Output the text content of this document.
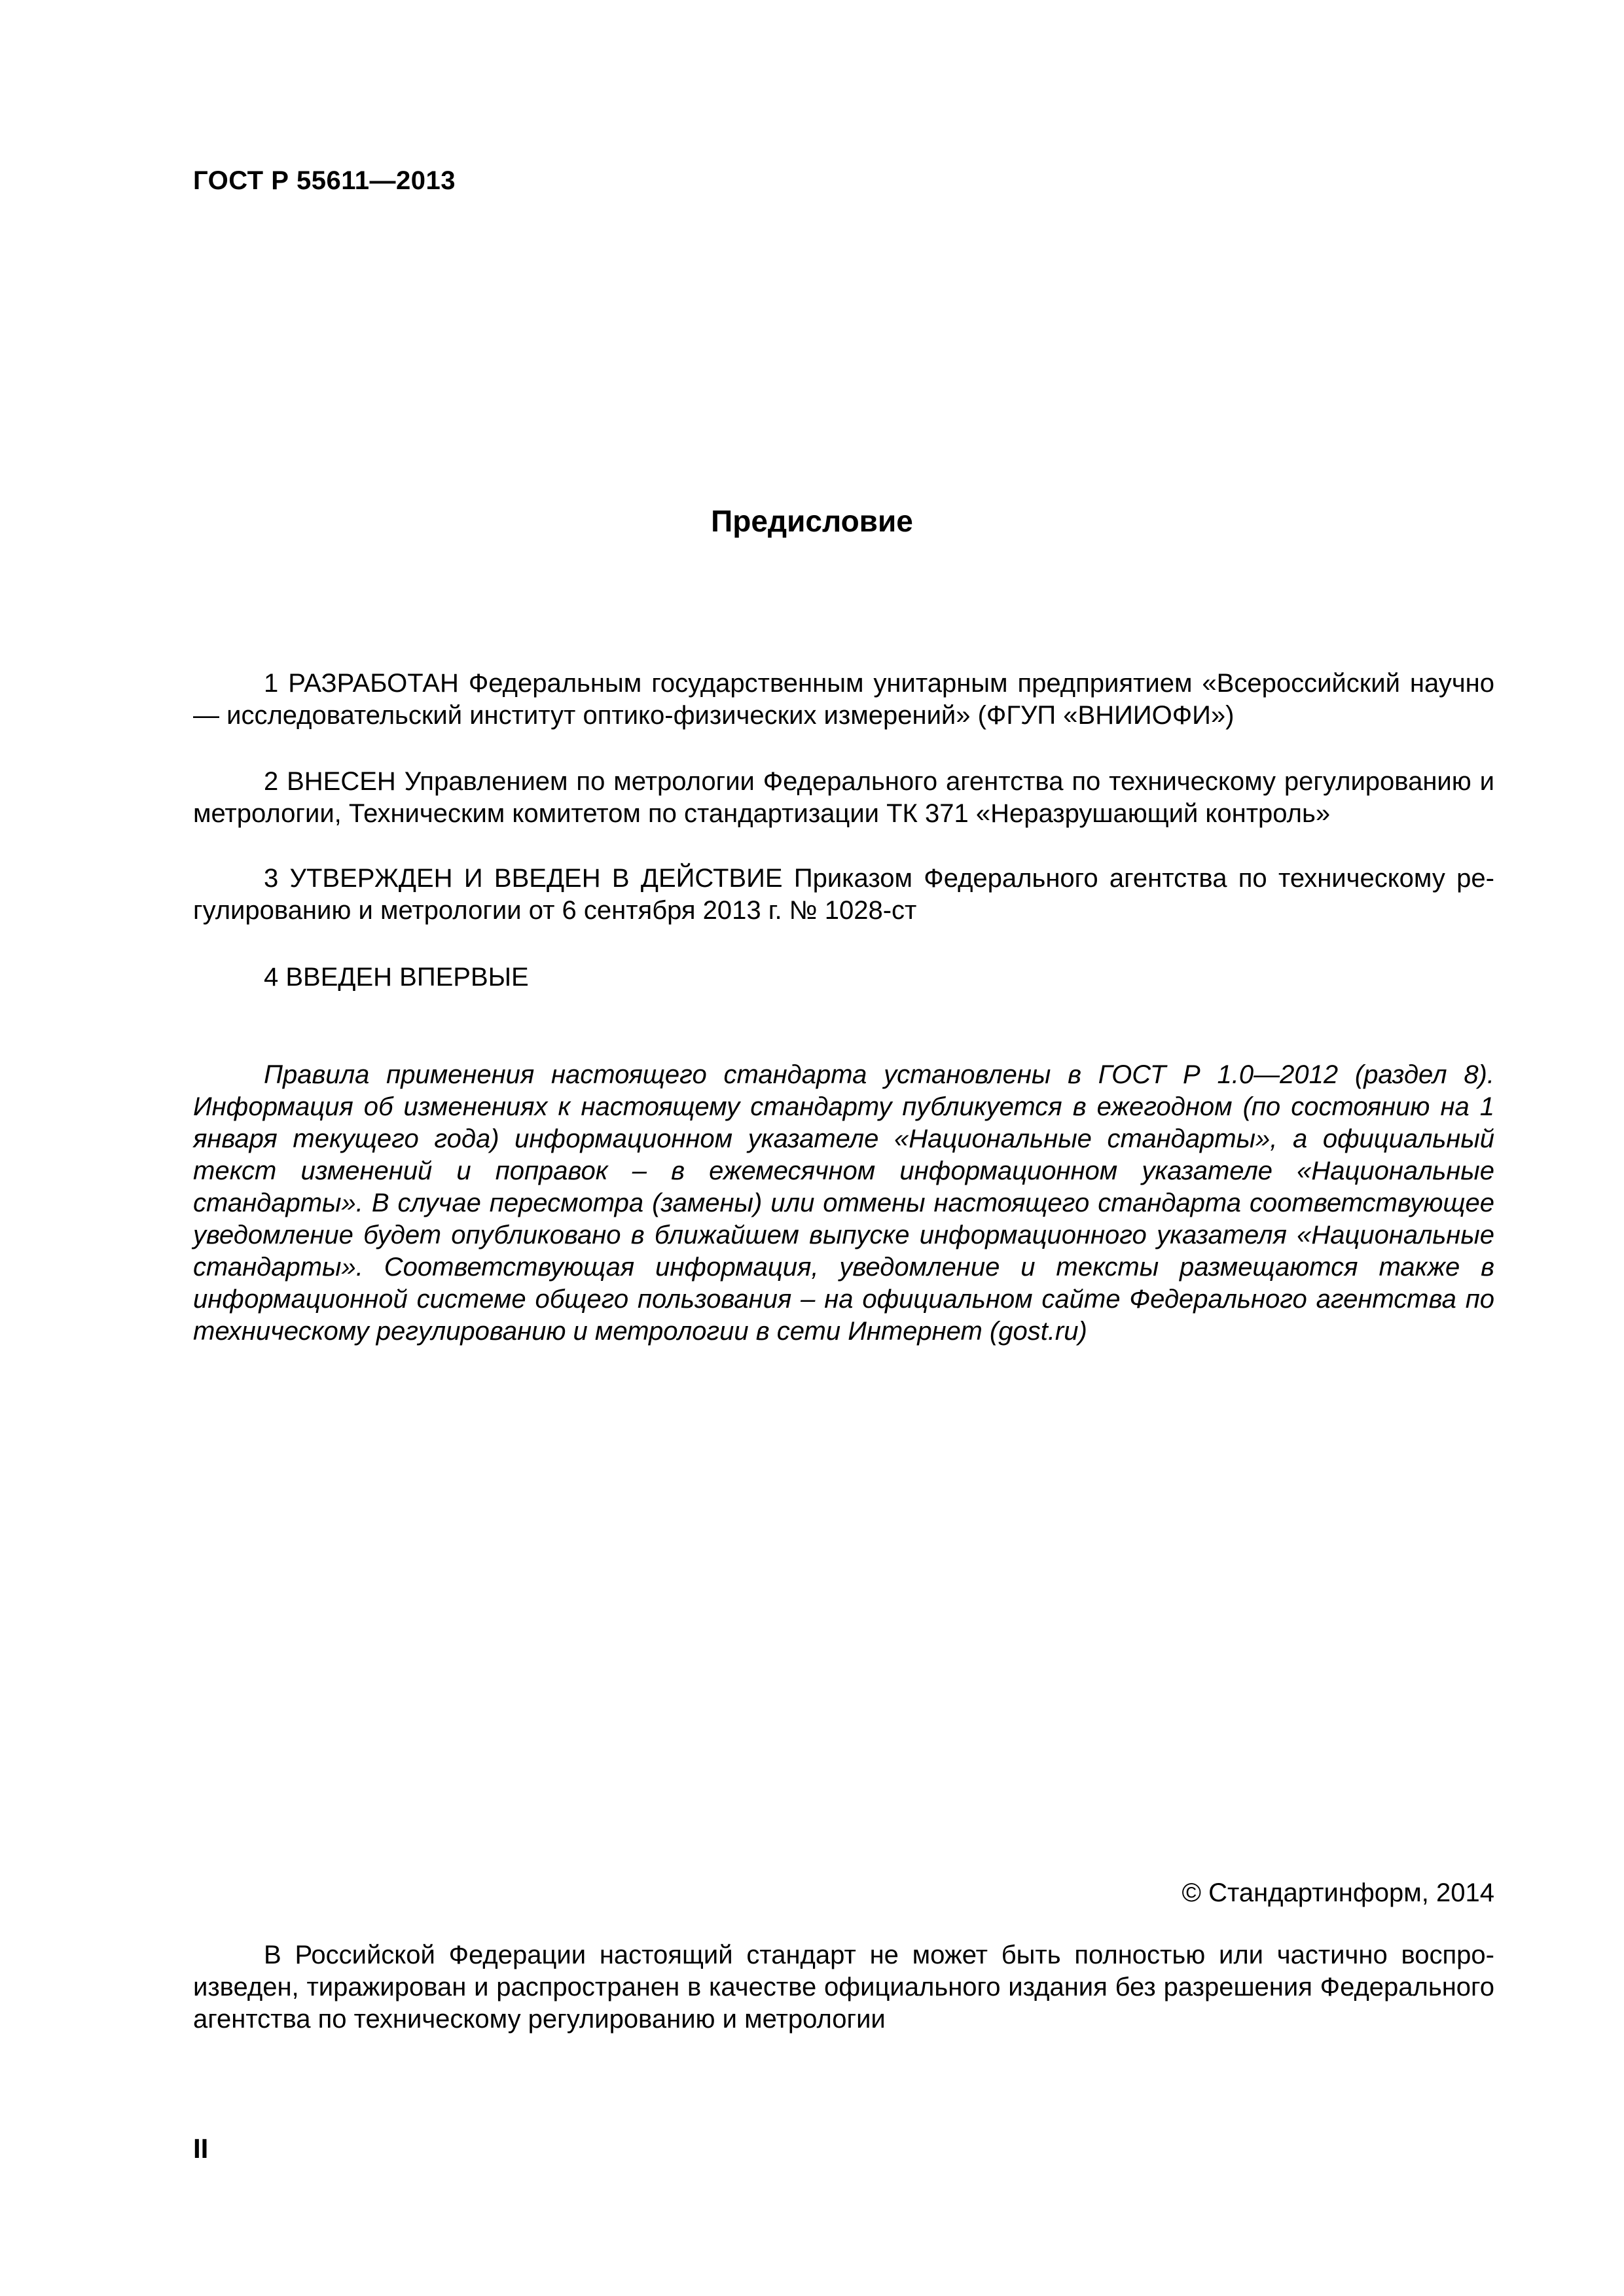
ГОСТ Р 55611—2013
Предисловие

1 РАЗРАБОТАН Федеральным государственным унитарным предприятием «Всероссийский научно — исследовательский институт оптико-физических измерений» (ФГУП «ВНИИОФИ»)

2 ВНЕСЕН Управлением по метрологии Федерального агентства по техническому регулированию и метрологии, Техническим комитетом по стандартизации ТК 371 «Неразрушающий контроль»

3 УТВЕРЖДЕН И ВВЕДЕН В ДЕЙСТВИЕ Приказом Федерального агентства по техническому регулированию и метрологии от 6 сентября 2013 г. № 1028-ст

4 ВВЕДЕН ВПЕРВЫЕ

Правила применения настоящего стандарта установлены в ГОСТ Р 1.0—2012 (раздел 8). Информация об изменениях к настоящему стандарту публикуется в ежегодном (по состоянию на 1 января текущего года) информационном указателе «Национальные стандарты», а официальный текст изменений и поправок – в ежемесячном информационном указателе «Национальные стандарты». В случае пересмотра (замены) или отмены настоящего стандарта соответствующее уведомление будет опубликовано в ближайшем выпуске информационного указателя «Национальные стандарты». Соответствующая информация, уведомление и тексты размещаются также в информационной системе общего пользования – на официальном сайте Федерального агентства по техническому регулированию и метрологии в сети Интернет (gost.ru)

© Стандартинформ, 2014

В Российской Федерации настоящий стандарт не может быть полностью или частично воспроизведен, тиражирован и распространен в качестве официального издания без разрешения Федерального агентства по техническому регулированию и метрологии

II
